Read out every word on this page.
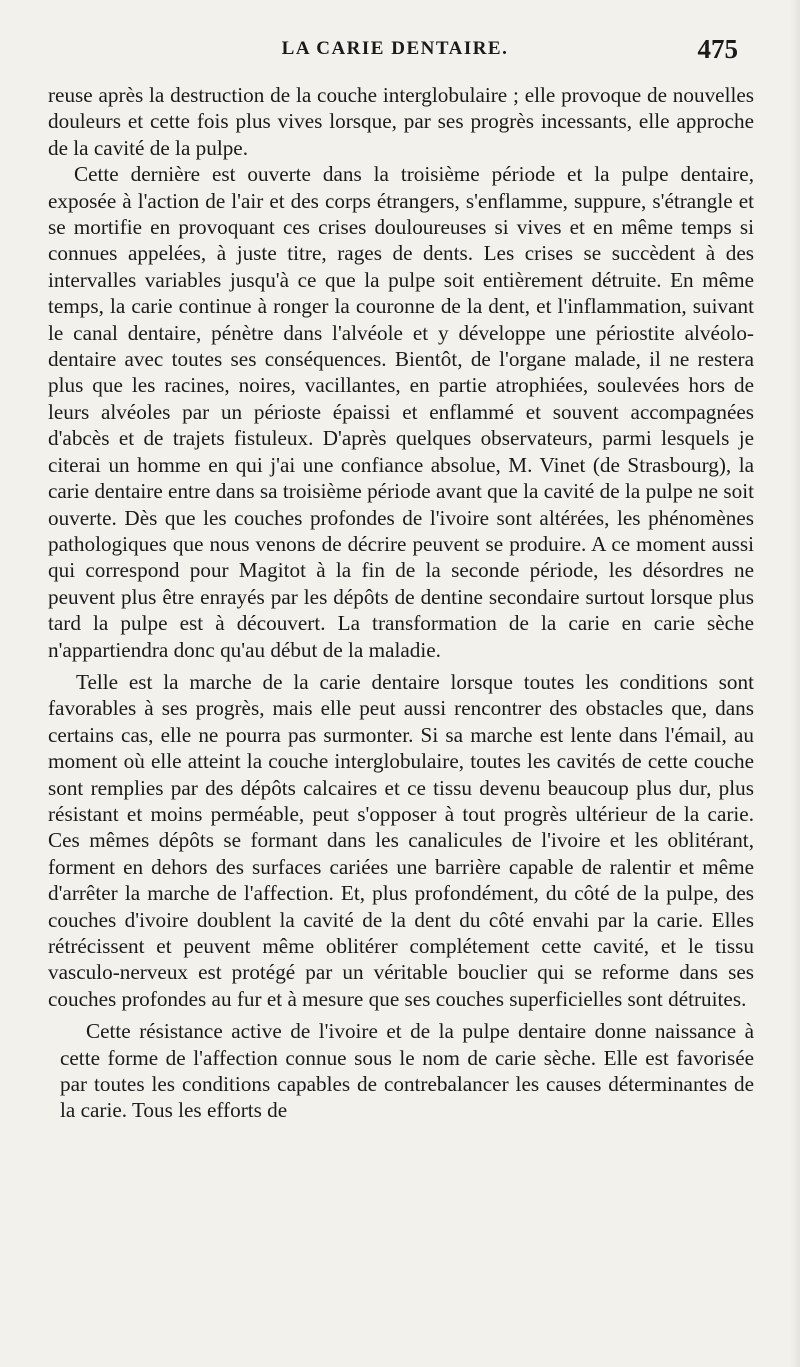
LA CARIE DENTAIRE.	475

reuse après la destruction de la couche interglobulaire ; elle provoque de nouvelles douleurs et cette fois plus vives lorsque, par ses progrès incessants, elle approche de la cavité de la pulpe.

Cette dernière est ouverte dans la troisième période et la pulpe dentaire, exposée à l'action de l'air et des corps étrangers, s'enflamme, suppure, s'étrangle et se mortifie en provoquant ces crises douloureuses si vives et en même temps si connues appelées, à juste titre, rages de dents. Les crises se succèdent à des intervalles variables jusqu'à ce que la pulpe soit entièrement détruite. En même temps, la carie continue à ronger la couronne de la dent, et l'inflammation, suivant le canal dentaire, pénètre dans l'alvéole et y développe une périostite alvéolo-dentaire avec toutes ses conséquences. Bientôt, de l'organe malade, il ne restera plus que les racines, noires, vacillantes, en partie atrophiées, soulevées hors de leurs alvéoles par un périoste épaissi et enflammé et souvent accompagnées d'abcès et de trajets fistuleux. D'après quelques observateurs, parmi lesquels je citerai un homme en qui j'ai une confiance absolue, M. Vinet (de Strasbourg), la carie dentaire entre dans sa troisième période avant que la cavité de la pulpe ne soit ouverte. Dès que les couches profondes de l'ivoire sont altérées, les phénomènes pathologiques que nous venons de décrire peuvent se produire. A ce moment aussi qui correspond pour Magitot à la fin de la seconde période, les désordres ne peuvent plus être enrayés par les dépôts de dentine secondaire surtout lorsque plus tard la pulpe est à découvert. La transformation de la carie en carie sèche n'appartiendra donc qu'au début de la maladie.

Telle est la marche de la carie dentaire lorsque toutes les conditions sont favorables à ses progrès, mais elle peut aussi rencontrer des obstacles que, dans certains cas, elle ne pourra pas surmonter. Si sa marche est lente dans l'émail, au moment où elle atteint la couche interglobulaire, toutes les cavités de cette couche sont remplies par des dépôts calcaires et ce tissu devenu beaucoup plus dur, plus résistant et moins perméable, peut s'opposer à tout progrès ultérieur de la carie. Ces mêmes dépôts se formant dans les canalicules de l'ivoire et les oblitérant, forment en dehors des surfaces cariées une barrière capable de ralentir et même d'arrêter la marche de l'affection. Et, plus profondément, du côté de la pulpe, des couches d'ivoire doublent la cavité de la dent du côté envahi par la carie. Elles rétrécissent et peuvent même oblitérer complétement cette cavité, et le tissu vasculo-nerveux est protégé par un véritable bouclier qui se reforme dans ses couches profondes au fur et à mesure que ses couches superficielles sont détruites.

Cette résistance active de l'ivoire et de la pulpe dentaire donne naissance à cette forme de l'affection connue sous le nom de carie sèche. Elle est favorisée par toutes les conditions capables de contrebalancer les causes déterminantes de la carie. Tous les efforts de
